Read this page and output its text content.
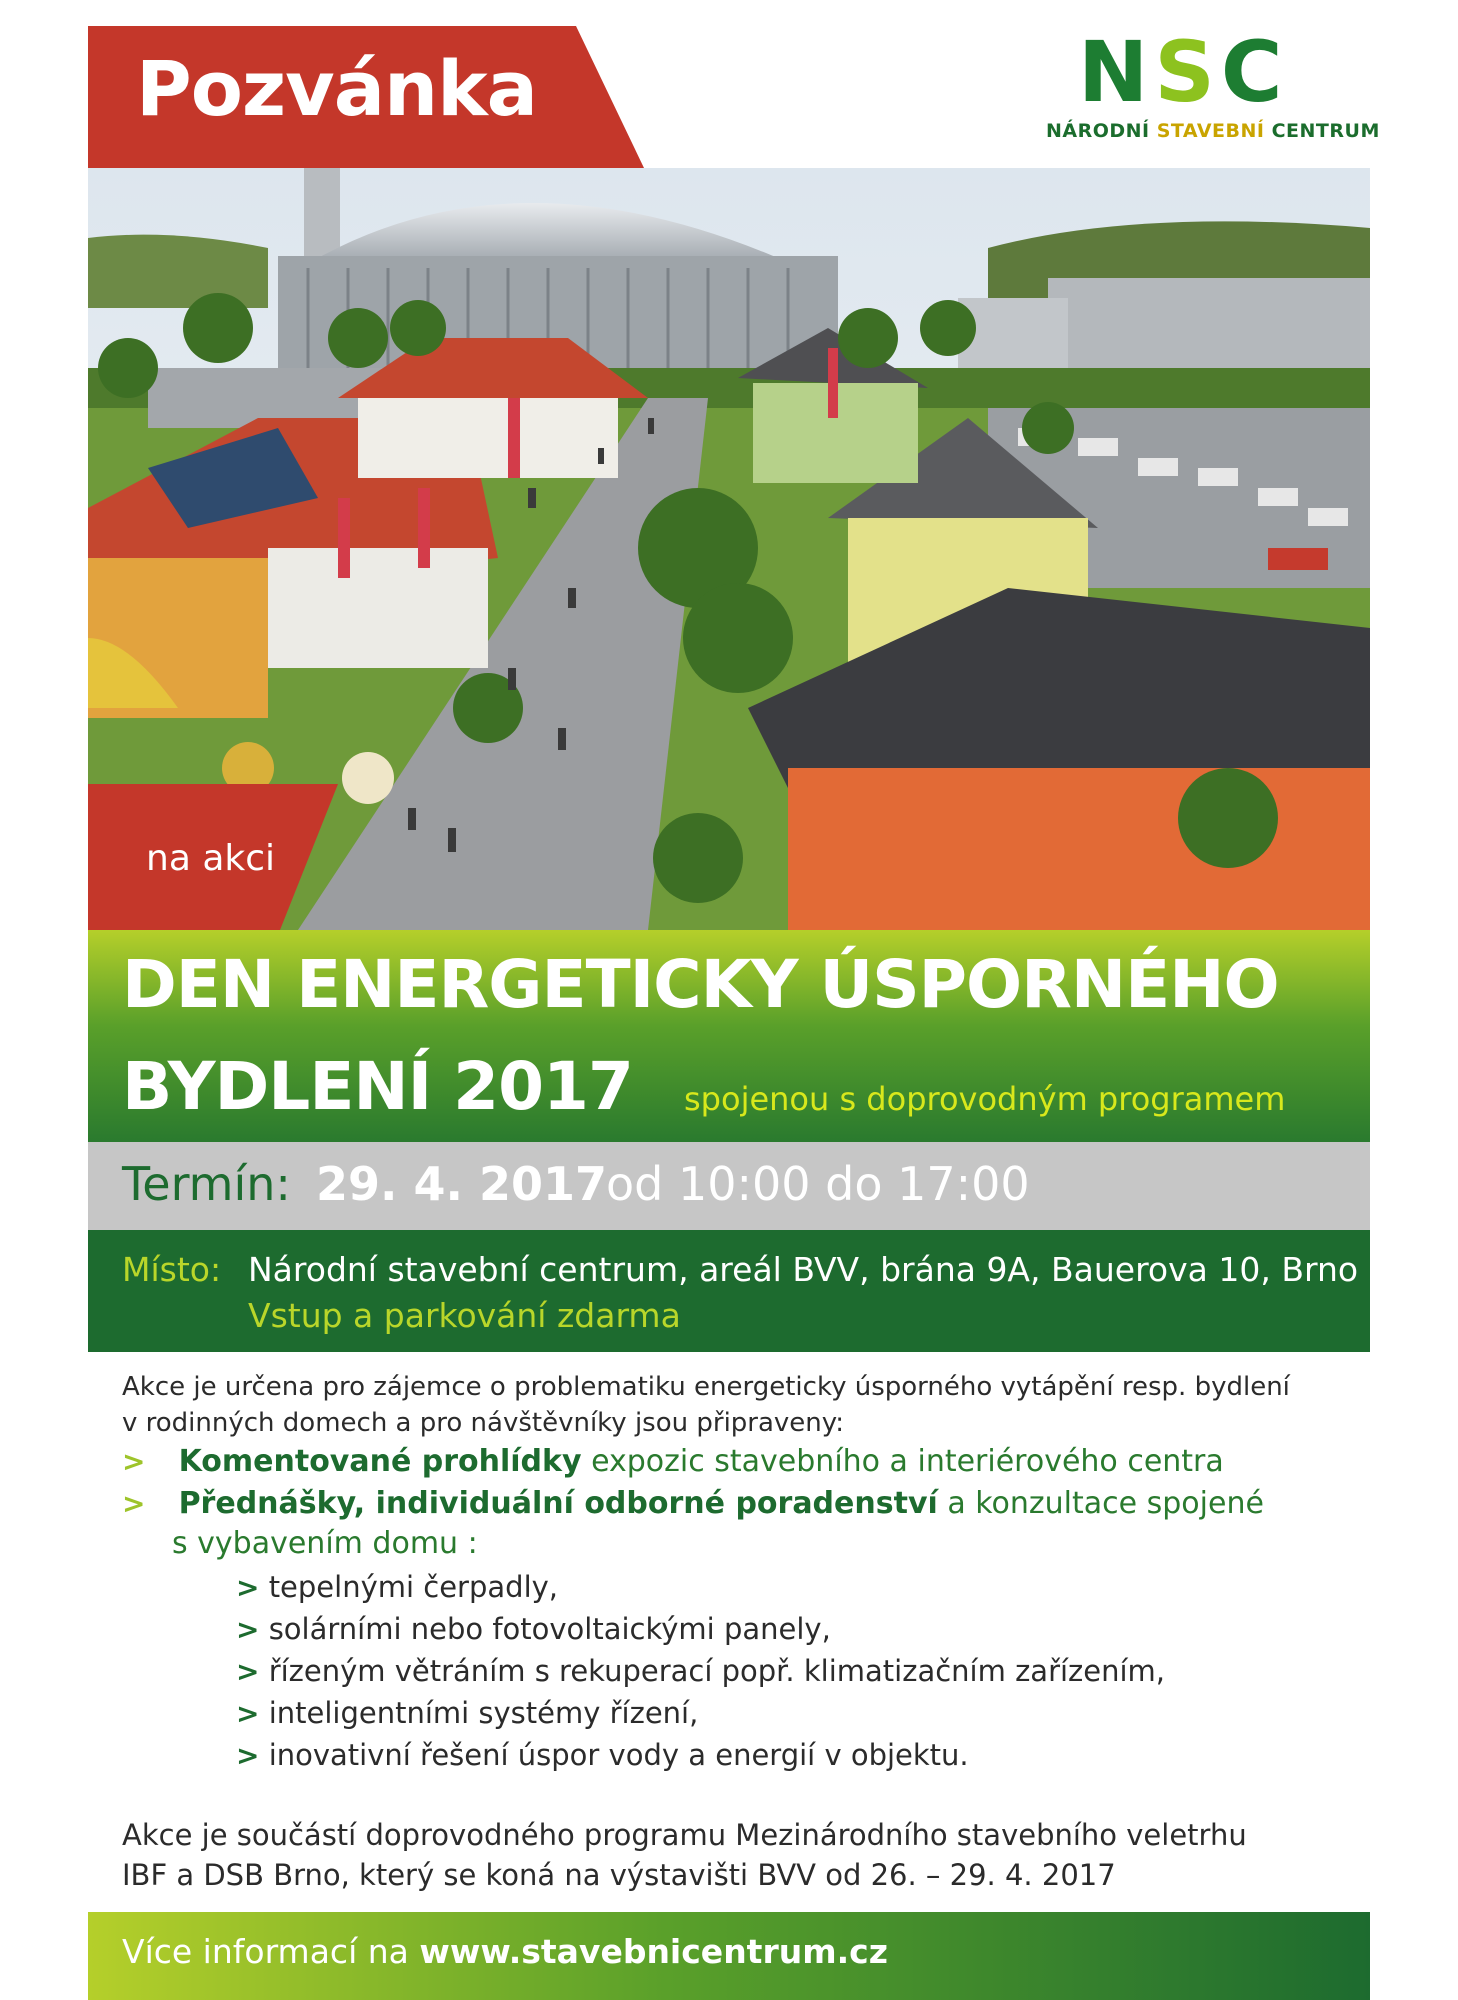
Pozvánka	NSC
NÁRODNÍ STAVEBNÍ CENTRUM
na akci
DEN ENERGETICKY ÚSPORNÉHO
BYDLENÍ 2017 spojenou s doprovodným programem
Termín: 29. 4. 2017
od 10:00 do 17:00
Místo: Národní stavební centrum, areál BVV, brána 9A, Bauerova 10, Brno
Vstup a parkování zdarma
Akce je určena pro zájemce o problematiku energeticky úsporného vytápění resp. bydlení
v rodinných domech a pro návštěvníky jsou připraveny:
> Komentované prohlídky expozic stavebního a interiérového centra
> Přednášky, individuální odborné poradenství a konzultace spojené
s vybavením domu :
> tepelnými čerpadly,
> solárními nebo fotovoltaickými panely,
> řízeným větráním s rekuperací popř. klimatizačním zařízením,
> inteligentními systémy řízení,
> inovativní řešení úspor vody a energií v objektu.
Akce je součástí doprovodného programu Mezinárodního stavebního veletrhu
IBF a DSB Brno, který se koná na výstavišti BVV od 26. – 29. 4. 2017
Více informací na www.stavebnicentrum.cz
